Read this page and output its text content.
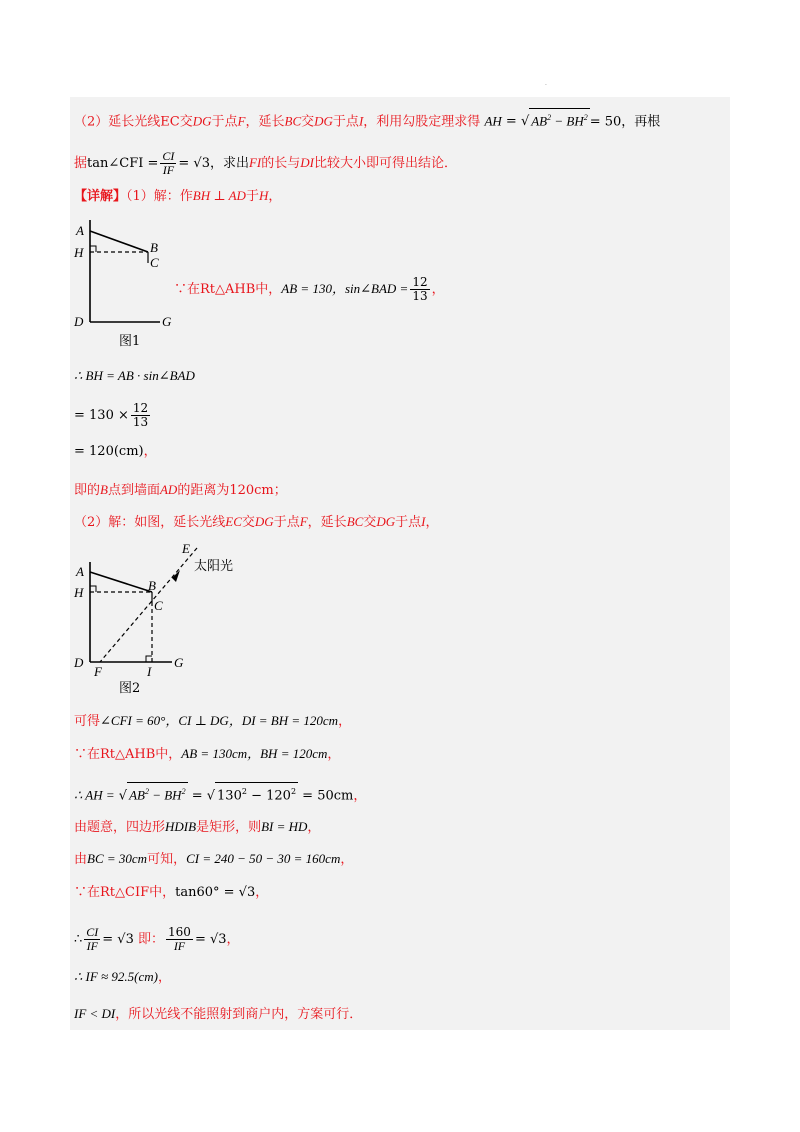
·
（2）延长光线EC交DG于点F，延长BC交DG于点I，利用勾股定理求得 AH = √ $AB^2 - BH^2 = 50$，再根
据tan∠CFI = $\frac{CI}{IF} = √3$，求出FI的长与DI比较大小即可得出结论．
【详解】（1）解：作BH ⊥ AD于H，
A
H	B
C
D	G
图1
∵在Rt△AHB中，AB = 130，sin∠BAD = $\frac{12}{13}$ ，
∴ BH = AB · sin∠BAD
= $130 \times \frac{12}{13}$
= 120(cm)，
即的B点到墙面AD的距离为120cm；
（2）解：如图，延长光线EC交DG于点F，延长BC交DG于点I，
A
H	B
C
D
F	I
G
E
太阳光
图2
可得∠CFI = 60°，CI ⊥ DG，DI = BH = 120cm，
∵在Rt△AHB中，AB = 130cm，BH = 120cm，
∴ AH = √ $AB^2 - BH^2$ = √ $130^2 - 120^2 = 50cm$，
由题意，四边形HDIB是矩形，则BI = HD，
由BC = 30cm可知，CI = 240 − 50 − 30 = 160cm，
∵在Rt△CIF中，tan60° = √3，
∴ $\frac{CI}{IF} = √3$ 即： $\frac{160}{IF} = √3$，
∴ IF ≈ 92.5(cm)，
IF < DI，所以光线不能照射到商户内，方案可行．
